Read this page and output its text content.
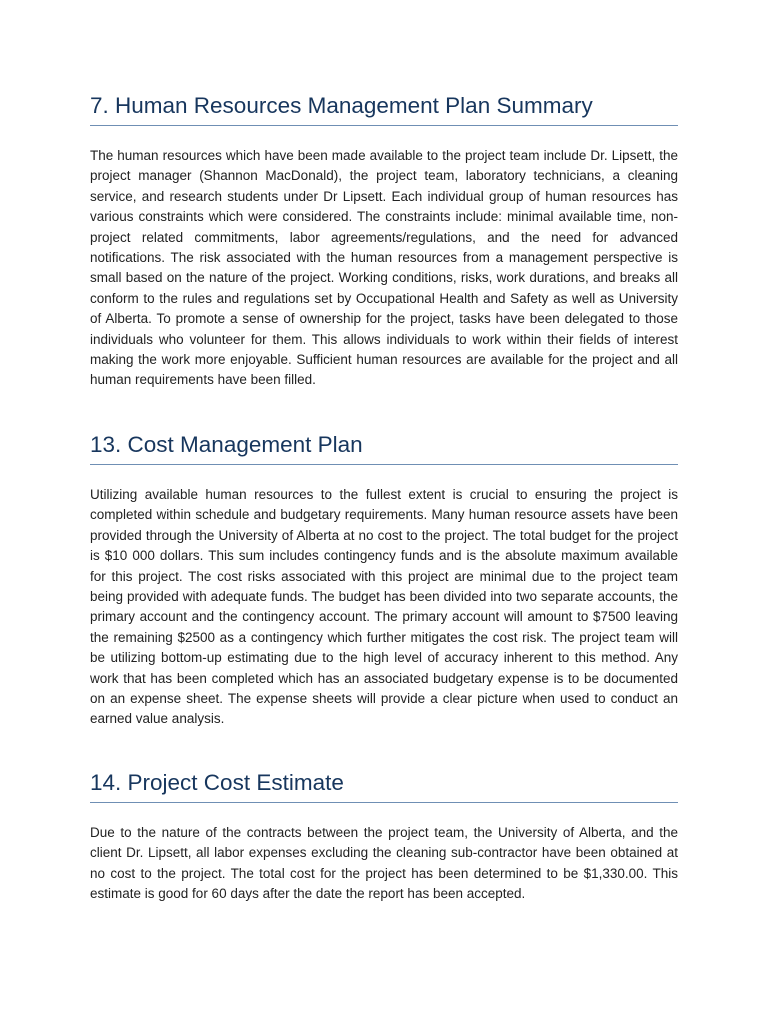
7. Human Resources Management Plan Summary

The human resources which have been made available to the project team include Dr. Lipsett, the project manager (Shannon MacDonald), the project team, laboratory technicians, a cleaning service, and research students under Dr Lipsett. Each individual group of human resources has various constraints which were considered. The constraints include: minimal available time, non-project related commitments, labor agreements/regulations, and the need for advanced notifications. The risk associated with the human resources from a management perspective is small based on the nature of the project. Working conditions, risks, work durations, and breaks all conform to the rules and regulations set by Occupational Health and Safety as well as University of Alberta. To promote a sense of ownership for the project, tasks have been delegated to those individuals who volunteer for them. This allows individuals to work within their fields of interest making the work more enjoyable. Sufficient human resources are available for the project and all human requirements have been filled.

13. Cost Management Plan

Utilizing available human resources to the fullest extent is crucial to ensuring the project is completed within schedule and budgetary requirements. Many human resource assets have been provided through the University of Alberta at no cost to the project. The total budget for the project is $10 000 dollars. This sum includes contingency funds and is the absolute maximum available for this project. The cost risks associated with this project are minimal due to the project team being provided with adequate funds. The budget has been divided into two separate accounts, the primary account and the contingency account. The primary account will amount to $7500 leaving the remaining $2500 as a contingency which further mitigates the cost risk. The project team will be utilizing bottom-up estimating due to the high level of accuracy inherent to this method. Any work that has been completed which has an associated budgetary expense is to be documented on an expense sheet. The expense sheets will provide a clear picture when used to conduct an earned value analysis.

14. Project Cost Estimate

Due to the nature of the contracts between the project team, the University of Alberta, and the client Dr. Lipsett, all labor expenses excluding the cleaning sub-contractor have been obtained at no cost to the project. The total cost for the project has been determined to be $1,330.00. This estimate is good for 60 days after the date the report has been accepted.
